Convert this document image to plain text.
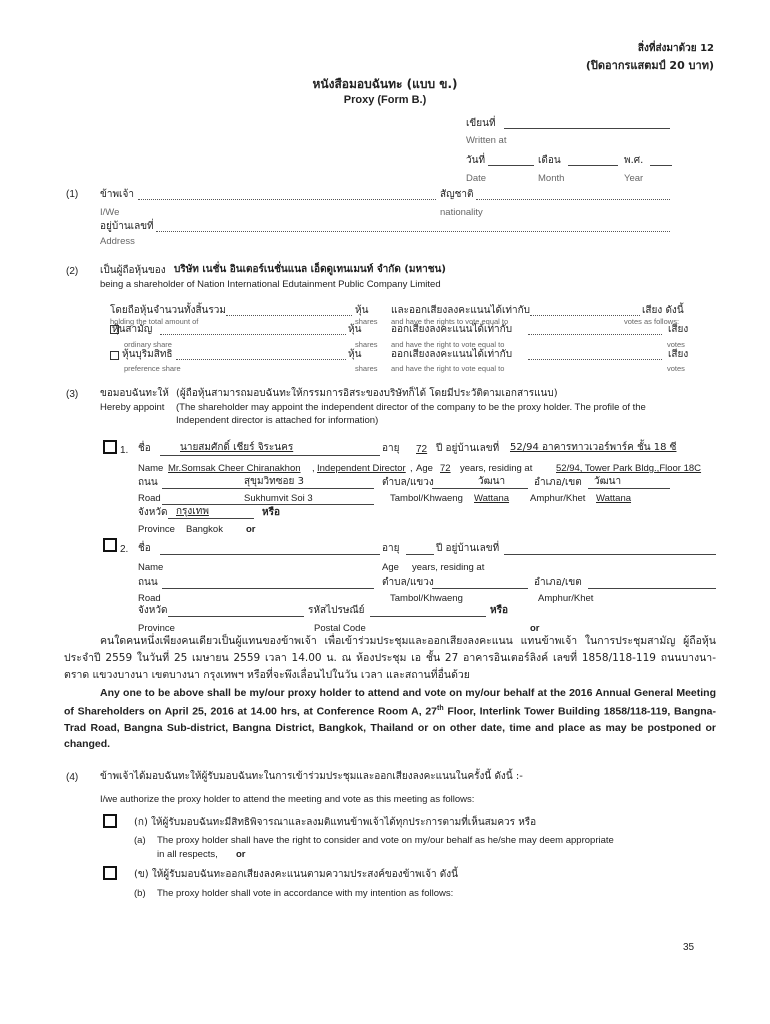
สิ่งที่ส่งมาด้วย 12
(ปิดอากรแสตมป์ 20 บาท)
หนังสือมอบฉันทะ (แบบ ข.)
Proxy (Form B.)
เขียนที่
Written at
วันที่	เดือน	พ.ศ.
Date	Month	Year
(1) ข้าพเจ้า	สัญชาติ
I/We	nationality
อยู่บ้านเลขที่
Address
(2) เป็นผู้ถือหุ้นของ บริษัท เนชั่น อินเตอร์เนชั่นแนล เอ็ดดูเทนเมนท์ จำกัด (มหาชน)
being a shareholder of Nation International Edutainment Public Company Limited
โดยถือหุ้นจำนวนทั้งสิ้นรวม	หุ้น และออกเสียงลงคะแนนได้เท่ากับ	เสียง ดังนี้
holding the total amount of	shares and have the rights to vote equal to	votes as follows:
หุ้นสามัญ	หุ้น	ออกเสียงลงคะแนนได้เท่ากับ	เสียง
ordinary share	shares and have the right to vote equal to	votes
หุ้นบุริมสิทธิ	หุ้น	ออกเสียงลงคะแนนได้เท่ากับ	เสียง
preference share	shares and have the right to vote equal to	votes
(3) ขอมอบฉันทะให้
Hereby appoint
(ผู้ถือหุ้นสามารถมอบฉันทะให้กรรมการอิสระของบริษัทก็ได้ โดยมีประวัติตามเอกสารแนบ)
(The shareholder may appoint the independent director of the company to be the proxy holder. The profile of the
Independent director is attached for information)
1. ชื่อ	นายสมศักดิ์ เชียร์ จิระนคร	อายุ 72 ปี อยู่บ้านเลขที่ 52/94 อาคารทาวเวอร์พาร์ค ชั้น 18 ซี
Name Mr.Somsak Cheer Chiranakhon , Independent Director , Age 72 years, residing at 52/94, Tower Park Bldg.,Floor 18C
ถนน	สุขุมวิทซอย 3	ตำบล/แขวง	วัฒนา	อำเภอ/เขต วัฒนา
Road	Sukhumvit Soi 3	Tambol/Khwaeng Wattana Amphur/Khet Wattana
จังหวัด กรุงเทพ	หรือ
Province Bangkok or
2. ชื่อ	อายุ	ปี อยู่บ้านเลขที่
Name	Age years, residing at
ถนน	ตำบล/แขวง	อำเภอ/เขต
Road	Tambol/Khwaeng	Amphur/Khet
จังหวัด	รหัสไปรษณีย์	หรือ
Province	Postal Code	or
คนใดคนหนึ่งเพียงคนเดียวเป็นผู้แทนของข้าพเจ้า เพื่อเข้าร่วมประชุมและออกเสียงลงคะแนน แทนข้าพเจ้า ในการประชุมสามัญ ผู้ถือหุ้นประจำปี 2559 ในวันที่ 25 เมษายน 2559 เวลา 14.00 น. ณ ห้องประชุม เอ ชั้น 27 อาคารอินเตอร์ลิงค์ เลขที่ 1858/118-119 ถนนบางนา-ตราด แขวงบางนา เขตบางนา กรุงเทพฯ หรือที่จะพึงเลื่อนไปในวัน เวลา และสถานที่อื่นด้วย
Any one to be above shall be my/our proxy holder to attend and vote on my/our behalf at the 2016 Annual General Meeting of Shareholders on April 25, 2016 at 14.00 hrs, at Conference Room A, 27th Floor, Interlink Tower Building 1858/118-119, Bangna-Trad Road, Bangna Sub-district, Bangna District, Bangkok, Thailand or on other date, time and place as may be postponed or changed.
(4) ข้าพเจ้าได้มอบฉันทะให้ผู้รับมอบฉันทะในการเข้าร่วมประชุมและออกเสียงลงคะแนนในครั้งนี้ ดังนี้ :-
I/we authorize the proxy holder to attend the meeting and vote as this meeting as follows:
(ก) ให้ผู้รับมอบฉันทะมีสิทธิพิจารณาและลงมติแทนข้าพเจ้าได้ทุกประการตามที่เห็นสมควร หรือ
(a) The proxy holder shall have the right to consider and vote on my/our behalf as he/she may deem appropriate
in all respects, or
(ข) ให้ผู้รับมอบฉันทะออกเสียงลงคะแนนตามความประสงค์ของข้าพเจ้า ดังนี้
(b) The proxy holder shall vote in accordance with my intention as follows:
35
